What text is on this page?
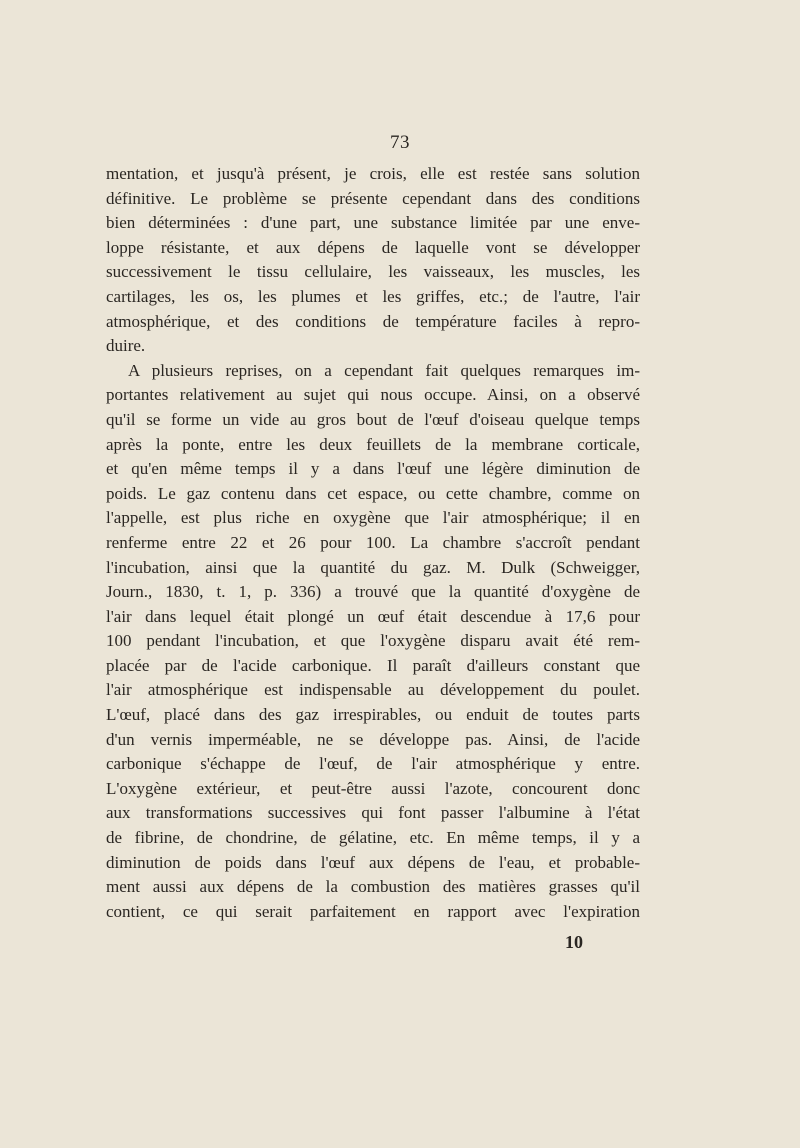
73
mentation, et jusqu'à présent, je crois, elle est restée sans solution
définitive. Le problème se présente cependant dans des conditions
bien déterminées : d'une part, une substance limitée par une enve-
loppe résistante, et aux dépens de laquelle vont se développer
successivement le tissu cellulaire, les vaisseaux, les muscles, les
cartilages, les os, les plumes et les griffes, etc.; de l'autre, l'air
atmosphérique, et des conditions de température faciles à repro-
duire.
A plusieurs reprises, on a cependant fait quelques remarques im-
portantes relativement au sujet qui nous occupe. Ainsi, on a observé
qu'il se forme un vide au gros bout de l'œuf d'oiseau quelque temps
après la ponte, entre les deux feuillets de la membrane corticale,
et qu'en même temps il y a dans l'œuf une légère diminution de
poids. Le gaz contenu dans cet espace, ou cette chambre, comme on
l'appelle, est plus riche en oxygène que l'air atmosphérique; il en
renferme entre 22 et 26 pour 100. La chambre s'accroît pendant
l'incubation, ainsi que la quantité du gaz. M. Dulk (Schweigger,
Journ., 1830, t. 1, p. 336) a trouvé que la quantité d'oxygène de
l'air dans lequel était plongé un œuf était descendue à 17,6 pour
100 pendant l'incubation, et que l'oxygène disparu avait été rem-
placée par de l'acide carbonique. Il paraît d'ailleurs constant que
l'air atmosphérique est indispensable au développement du poulet.
L'œuf, placé dans des gaz irrespirables, ou enduit de toutes parts
d'un vernis imperméable, ne se développe pas. Ainsi, de l'acide
carbonique s'échappe de l'œuf, de l'air atmosphérique y entre.
L'oxygène extérieur, et peut-être aussi l'azote, concourent donc
aux transformations successives qui font passer l'albumine à l'état
de fibrine, de chondrine, de gélatine, etc. En même temps, il y a
diminution de poids dans l'œuf aux dépens de l'eau, et probable-
ment aussi aux dépens de la combustion des matières grasses qu'il
contient, ce qui serait parfaitement en rapport avec l'expiration
10
